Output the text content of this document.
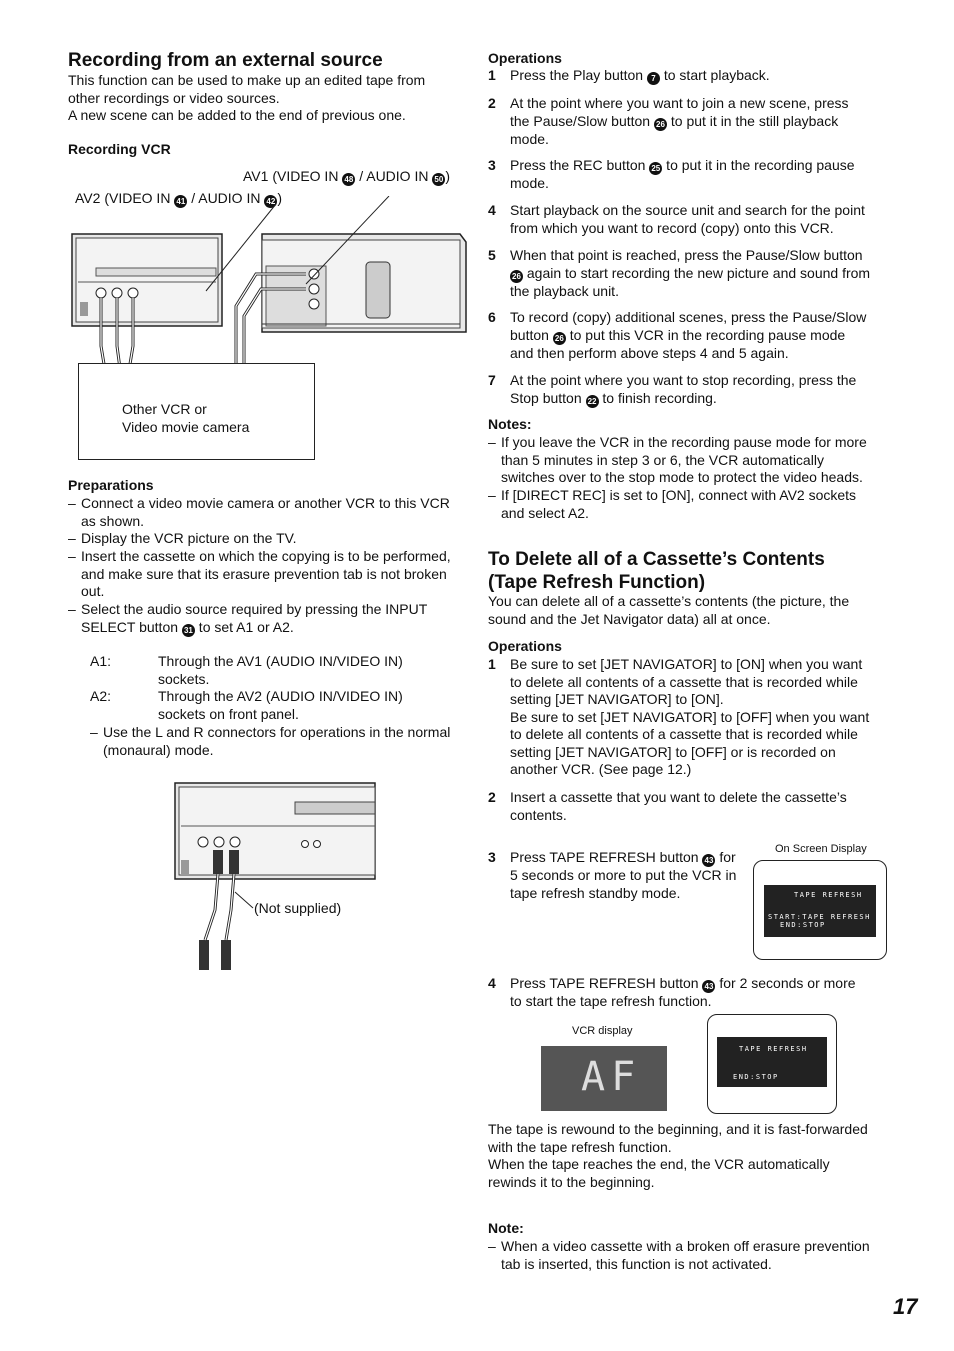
Recording from an external source
This function can be used to make up an edited tape from
other recordings or video sources.
A new scene can be added to the end of previous one.
Recording VCR
AV1 (VIDEO IN 48 / AUDIO IN 50 )
AV2 (VIDEO IN 41 / AUDIO IN 42 )
Other VCR or
Video movie camera
Preparations
– Connect a video movie camera or another VCR to this VCR
as shown.
– Display the VCR picture on the TV.
– Insert the cassette on which the copying is to be performed,
and make sure that its erasure prevention tab is not broken
out.
– Select the audio source required by pressing the INPUT
SELECT button 31 to set A1 or A2.
A1:	Through the AV1 (AUDIO IN/VIDEO IN)
sockets.
A2:	Through the AV2 (AUDIO IN/VIDEO IN)
sockets on front panel.
– Use the L and R connectors for operations in the normal
(monaural) mode.
(Not supplied)
Other Monaural VCR or
Video movie camera
Operations
1 Press the Play button 7 to start playback.
2 At the point where you want to join a new scene, press
the Pause/Slow button 26 to put it in the still playback
mode.
3 Press the REC button 25 to put it in the recording pause
mode.
4 Start playback on the source unit and search for the point
from which you want to record (copy) onto this VCR.
5 When that point is reached, press the Pause/Slow button
26 again to start recording the new picture and sound from
the playback unit.
6 To record (copy) additional scenes, press the Pause/Slow
button 26 to put this VCR in the recording pause mode
and then perform above steps 4 and 5 again.
7 At the point where you want to stop recording, press the
Stop button 22 to finish recording.
Notes:
– If you leave the VCR in the recording pause mode for more
than 5 minutes in step 3 or 6, the VCR automatically
switches over to the stop mode to protect the video heads.
– If [DIRECT REC] is set to [ON], connect with AV2 sockets
and select A2.
To Delete all of a Cassette’s Contents
(Tape Refresh Function)
You can delete all of a cassette’s contents (the picture, the
sound and the Jet Navigator data) all at once.
Operations
1 Be sure to set [JET NAVIGATOR] to [ON] when you want
to delete all contents of a cassette that is recorded while
setting [JET NAVIGATOR] to [ON].
Be sure to set [JET NAVIGATOR] to [OFF] when you want
to delete all contents of a cassette that is recorded while
setting [JET NAVIGATOR] to [OFF] or is recorded on
another VCR. (See page 12.)
2 Insert a cassette that you want to delete the cassette’s
contents.
3 Press TAPE REFRESH button 43 for
5 seconds or more to put the VCR in
tape refresh standby mode.
4 Press TAPE REFRESH button 43 for 2 seconds or more
to start the tape refresh function.
On Screen Display
TAPE REFRESH
START:TAPE REFRESH
END:STOP
VCR display
AF
TAPE REFRESH
END:STOP
The tape is rewound to the beginning, and it is fast-forwarded
with the tape refresh function.
When the tape reaches the end, the VCR automatically
rewinds it to the beginning.
Note:
– When a video cassette with a broken off erasure prevention
tab is inserted, this function is not activated.
17
